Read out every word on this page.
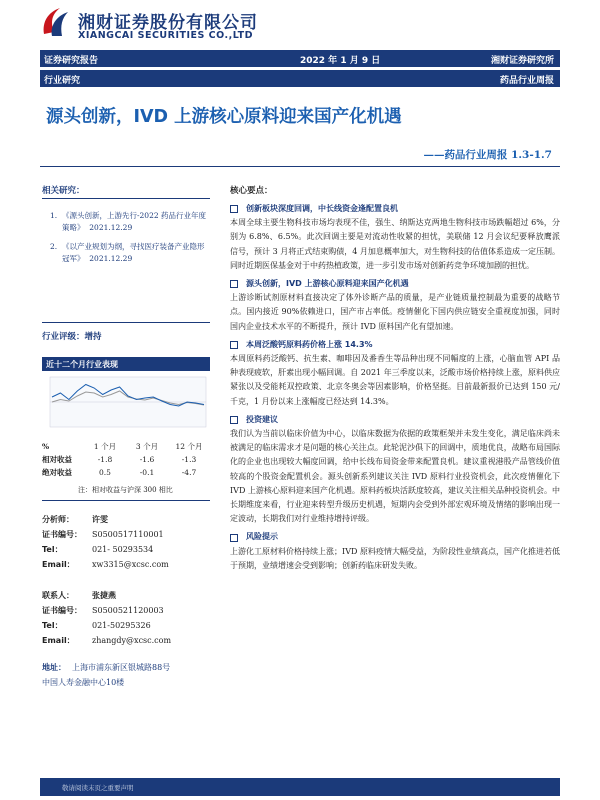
湘财证券股份有限公司
XIANGCAI SECURITIES CO.,LTD
证券研究报告	2022 年 1 月 9 日	湘财证券研究所
行业研究	药品行业周报
源头创新，IVD 上游核心原料迎来国产化机遇
——药品行业周报 1.3-1.7
相关研究：
1. 《源头创新，上游先行-2022 药品行业年度策略》 2021.12.29
2. 《以产业规划为纲，寻找医疗装备产业隐形冠军》 2021.12.29
行业评级：增持
近十二个月行业表现
%	1 个月	3 个月	12 个月
相对收益	-1.8	-1.6	-1.3
绝对收益	0.5	-0.1	-4.7
注：相对收益与沪深 300 相比
分析师： 许雯
证书编号： S0500517110001
Tel：	021- 50293534
Email： xw3315@xcsc.com
联系人： 张捷燕
证书编号： S0500521120003
Tel：	021-50295326
Email： zhangdy@xcsc.com
地址： 上海市浦东新区银城路88号
中国人寿金融中心10楼
核心要点：
创新板块深度回调，中长线资金逢配置良机
本周全球主要生物科技市场均表现不佳，强生、纳斯达克两地生物科技市场跌幅超过 6%，分别为 6.8%、6.5%。此次回调主要是对流动性收紧的担忧，美联储 12 月会议纪要释放鹰派信号，预计 3 月将正式结束购债，4 月加息概率加大，对生物科技的估值体系造成一定压制。同时近期医保基金对于中药热植政策，进一步引发市场对创新药竞争环境加剧的担忧。
源头创新，IVD 上游核心原料迎来国产化机遇
上游诊断试剂原材料直接决定了体外诊断产品的质量，是产业链质量控制最为重要的战略节点。国内接近 90%依赖进口，国产市占率低。疫情催化下国内供应链安全重视度加强，同时国内企业技术水平的不断提升，预计 IVD 原料国产化有望加速。
本周泛酸钙原料药价格上涨 14.3%
本周原料药泛酸钙、抗生素、咖啡因及番香生等品种出现不同幅度的上涨，心脑血管 API 品种表现疲软，肝素出现小幅回调。自 2021 年三季度以来，泛酸市场价格持续上涨，原料供应紧张以及受能耗双控政策、北京冬奥会等因素影响，价格坚挺。目前最新报价已达到 150 元/千克，1 月份以来上涨幅度已经达到 14.3%。
投资建议
我们认为当前以临床价值为中心，以临床数据为依据的政策框架并未发生变化，满足临床尚未被满足的临床需求才是问题的核心关注点。此轮泥沙俱下的回调中，质地优良，战略布局国际化的企业也出现较大幅度回调，给中长线布局资金带来配置良机。建议重视港股产品管线价值较高的个股资金配置机会。源头创新系列建议关注 IVD 原料行业投资机会，此次疫情催化下 IVD 上游核心原料迎来国产化机遇。原料药板块活跃度较高，建议关注相关品种投资机会。中长期维度来看，行业迎来转型升级历史机遇，短期内会受到外部宏观环境及情绪的影响出现一定波动，长期我们对行业维持增持评级。
风险提示
上游化工原材料价格持续上涨；IVD 原料疫情大幅受益，为阶段性业绩高点，国产化推进若低于预期，业绩增速会受到影响；创新药临床研发失败。
敬请阅读末页之重要声明
